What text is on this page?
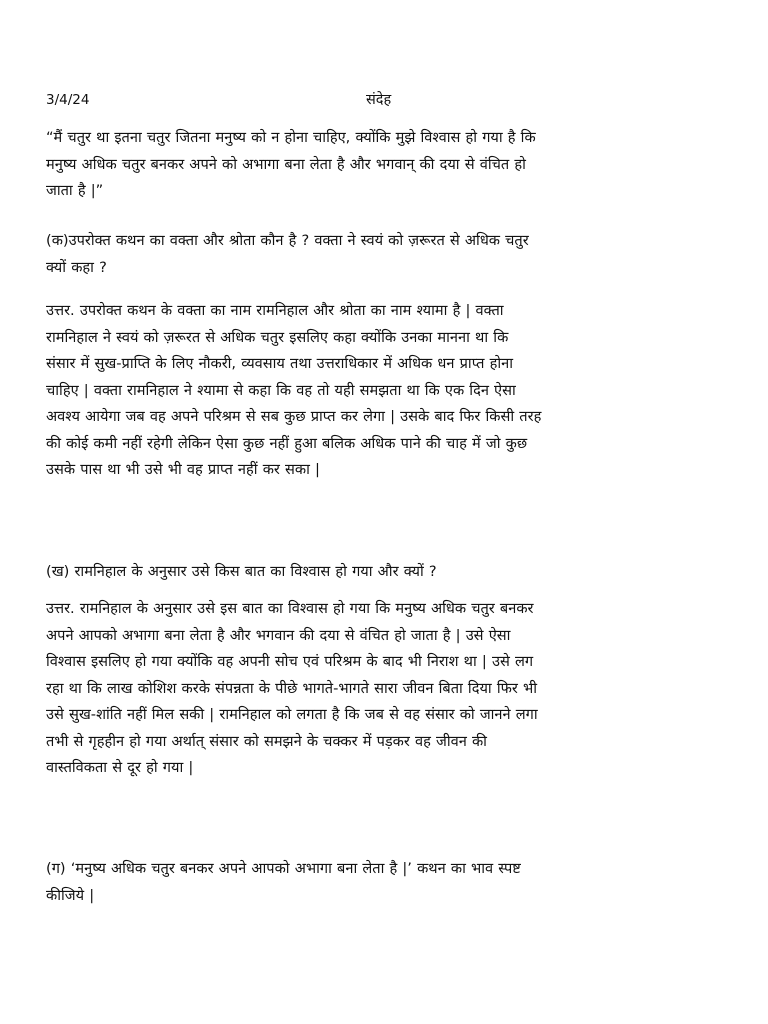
3/4/24	संदेह

“मैं चतुर था इतना चतुर जितना मनुष्य को न होना चाहिए, क्योंकि मुझे विश्वास हो गया है कि
मनुष्य अधिक चतुर बनकर अपने को अभागा बना लेता है और भगवान् की दया से वंचित हो
जाता है |”

(क)उपरोक्त कथन का वक्ता और श्रोता कौन है ? वक्ता ने स्वयं को ज़रूरत से अधिक चतुर
क्यों कहा ?

उत्तर. उपरोक्त कथन के वक्ता का नाम रामनिहाल और श्रोता का नाम श्यामा है | वक्ता
रामनिहाल ने स्वयं को ज़रूरत से अधिक चतुर इसलिए कहा क्योंकि उनका मानना था कि
संसार में सुख-प्राप्ति के लिए नौकरी, व्यवसाय तथा उत्तराधिकार में अधिक धन प्राप्त होना
चाहिए | वक्ता रामनिहाल ने श्यामा से कहा कि वह तो यही समझता था कि एक दिन ऐसा
अवश्य आयेगा जब वह अपने परिश्रम से सब कुछ प्राप्त कर लेगा | उसके बाद फिर किसी तरह
की कोई कमी नहीं रहेगी लेकिन ऐसा कुछ नहीं हुआ बलिक अधिक पाने की चाह में जो कुछ
उसके पास था भी उसे भी वह प्राप्त नहीं कर सका |

(ख) रामनिहाल के अनुसार उसे किस बात का विश्वास हो गया और क्यों ?

उत्तर. रामनिहाल के अनुसार उसे इस बात का विश्वास हो गया कि मनुष्य अधिक चतुर बनकर
अपने आपको अभागा बना लेता है और भगवान की दया से वंचित हो जाता है | उसे ऐसा
विश्वास इसलिए हो गया क्योंकि वह अपनी सोच एवं परिश्रम के बाद भी निराश था | उसे लग
रहा था कि लाख कोशिश करके संपन्नता के पीछे भागते-भागते सारा जीवन बिता दिया फिर भी
उसे सुख-शांति नहीं मिल सकी | रामनिहाल को लगता है कि जब से वह संसार को जानने लगा
तभी से गृहहीन हो गया अर्थात् संसार को समझने के चक्कर में पड़कर वह जीवन की
वास्तविकता से दूर हो गया |

(ग) ‘मनुष्य अधिक चतुर बनकर अपने आपको अभागा बना लेता है |’ कथन का भाव स्पष्ट
कीजिये |
